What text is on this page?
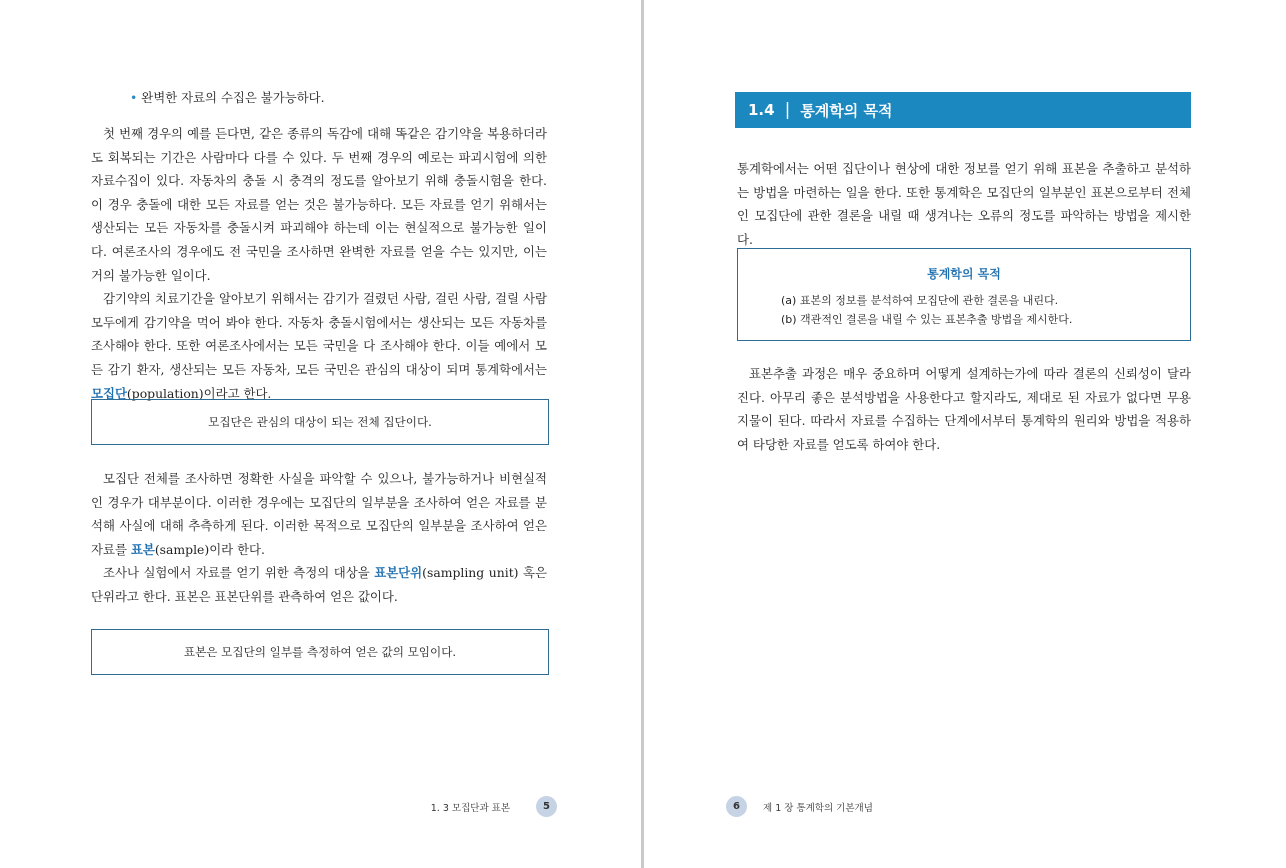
• 완벽한 자료의 수집은 불가능하다.

첫 번째 경우의 예를 든다면, 같은 종류의 독감에 대해 똑같은 감기약을 복용하더라도 회복되는 기간은 사람마다 다를 수 있다. 두 번째 경우의 예로는 파괴시험에 의한 자료수집이 있다. 자동차의 충돌 시 충격의 정도를 알아보기 위해 충돌시험을 한다. 이 경우 충돌에 대한 모든 자료를 얻는 것은 불가능하다. 모든 자료를 얻기 위해서는 생산되는 모든 자동차를 충돌시켜 파괴해야 하는데 이는 현실적으로 불가능한 일이다. 여론조사의 경우에도 전 국민을 조사하면 완벽한 자료를 얻을 수는 있지만, 이는 거의 불가능한 일이다.

감기약의 치료기간을 알아보기 위해서는 감기가 걸렸던 사람, 걸린 사람, 걸릴 사람 모두에게 감기약을 먹어 봐야 한다. 자동차 충돌시험에서는 생산되는 모든 자동차를 조사해야 한다. 또한 여론조사에서는 모든 국민을 다 조사해야 한다. 이들 예에서 모든 감기 환자, 생산되는 모든 자동차, 모든 국민은 관심의 대상이 되며 통계학에서는 모집단(population)이라고 한다.

모집단은 관심의 대상이 되는 전체 집단이다.

모집단 전체를 조사하면 정확한 사실을 파악할 수 있으나, 불가능하거나 비현실적인 경우가 대부분이다. 이러한 경우에는 모집단의 일부분을 조사하여 얻은 자료를 분석해 사실에 대해 추측하게 된다. 이러한 목적으로 모집단의 일부분을 조사하여 얻은 자료를 표본(sample)이라 한다.

조사나 실험에서 자료를 얻기 위한 측정의 대상을 표본단위(sampling unit) 혹은 단위라고 한다. 표본은 표본단위를 관측하여 얻은 값이다.

표본은 모집단의 일부를 측정하여 얻은 값의 모임이다.
1. 3 모집단과 표본	5
1.4 | 통계학의 목적

통계학에서는 어떤 집단이나 현상에 대한 정보를 얻기 위해 표본을 추출하고 분석하는 방법을 마련하는 일을 한다. 또한 통계학은 모집단의 일부분인 표본으로부터 전체인 모집단에 관한 결론을 내릴 때 생겨나는 오류의 정도를 파악하는 방법을 제시한다.

통계학의 목적
(a) 표본의 정보를 분석하여 모집단에 관한 결론을 내린다.
(b) 객관적인 결론을 내릴 수 있는 표본추출 방법을 제시한다.

표본추출 과정은 매우 중요하며 어떻게 설계하는가에 따라 결론의 신뢰성이 달라진다. 아무리 좋은 분석방법을 사용한다고 할지라도, 제대로 된 자료가 없다면 무용지물이 된다. 따라서 자료를 수집하는 단계에서부터 통계학의 원리와 방법을 적용하여 타당한 자료를 얻도록 하여야 한다.

6	제 1 장 통계학의 기본개념
